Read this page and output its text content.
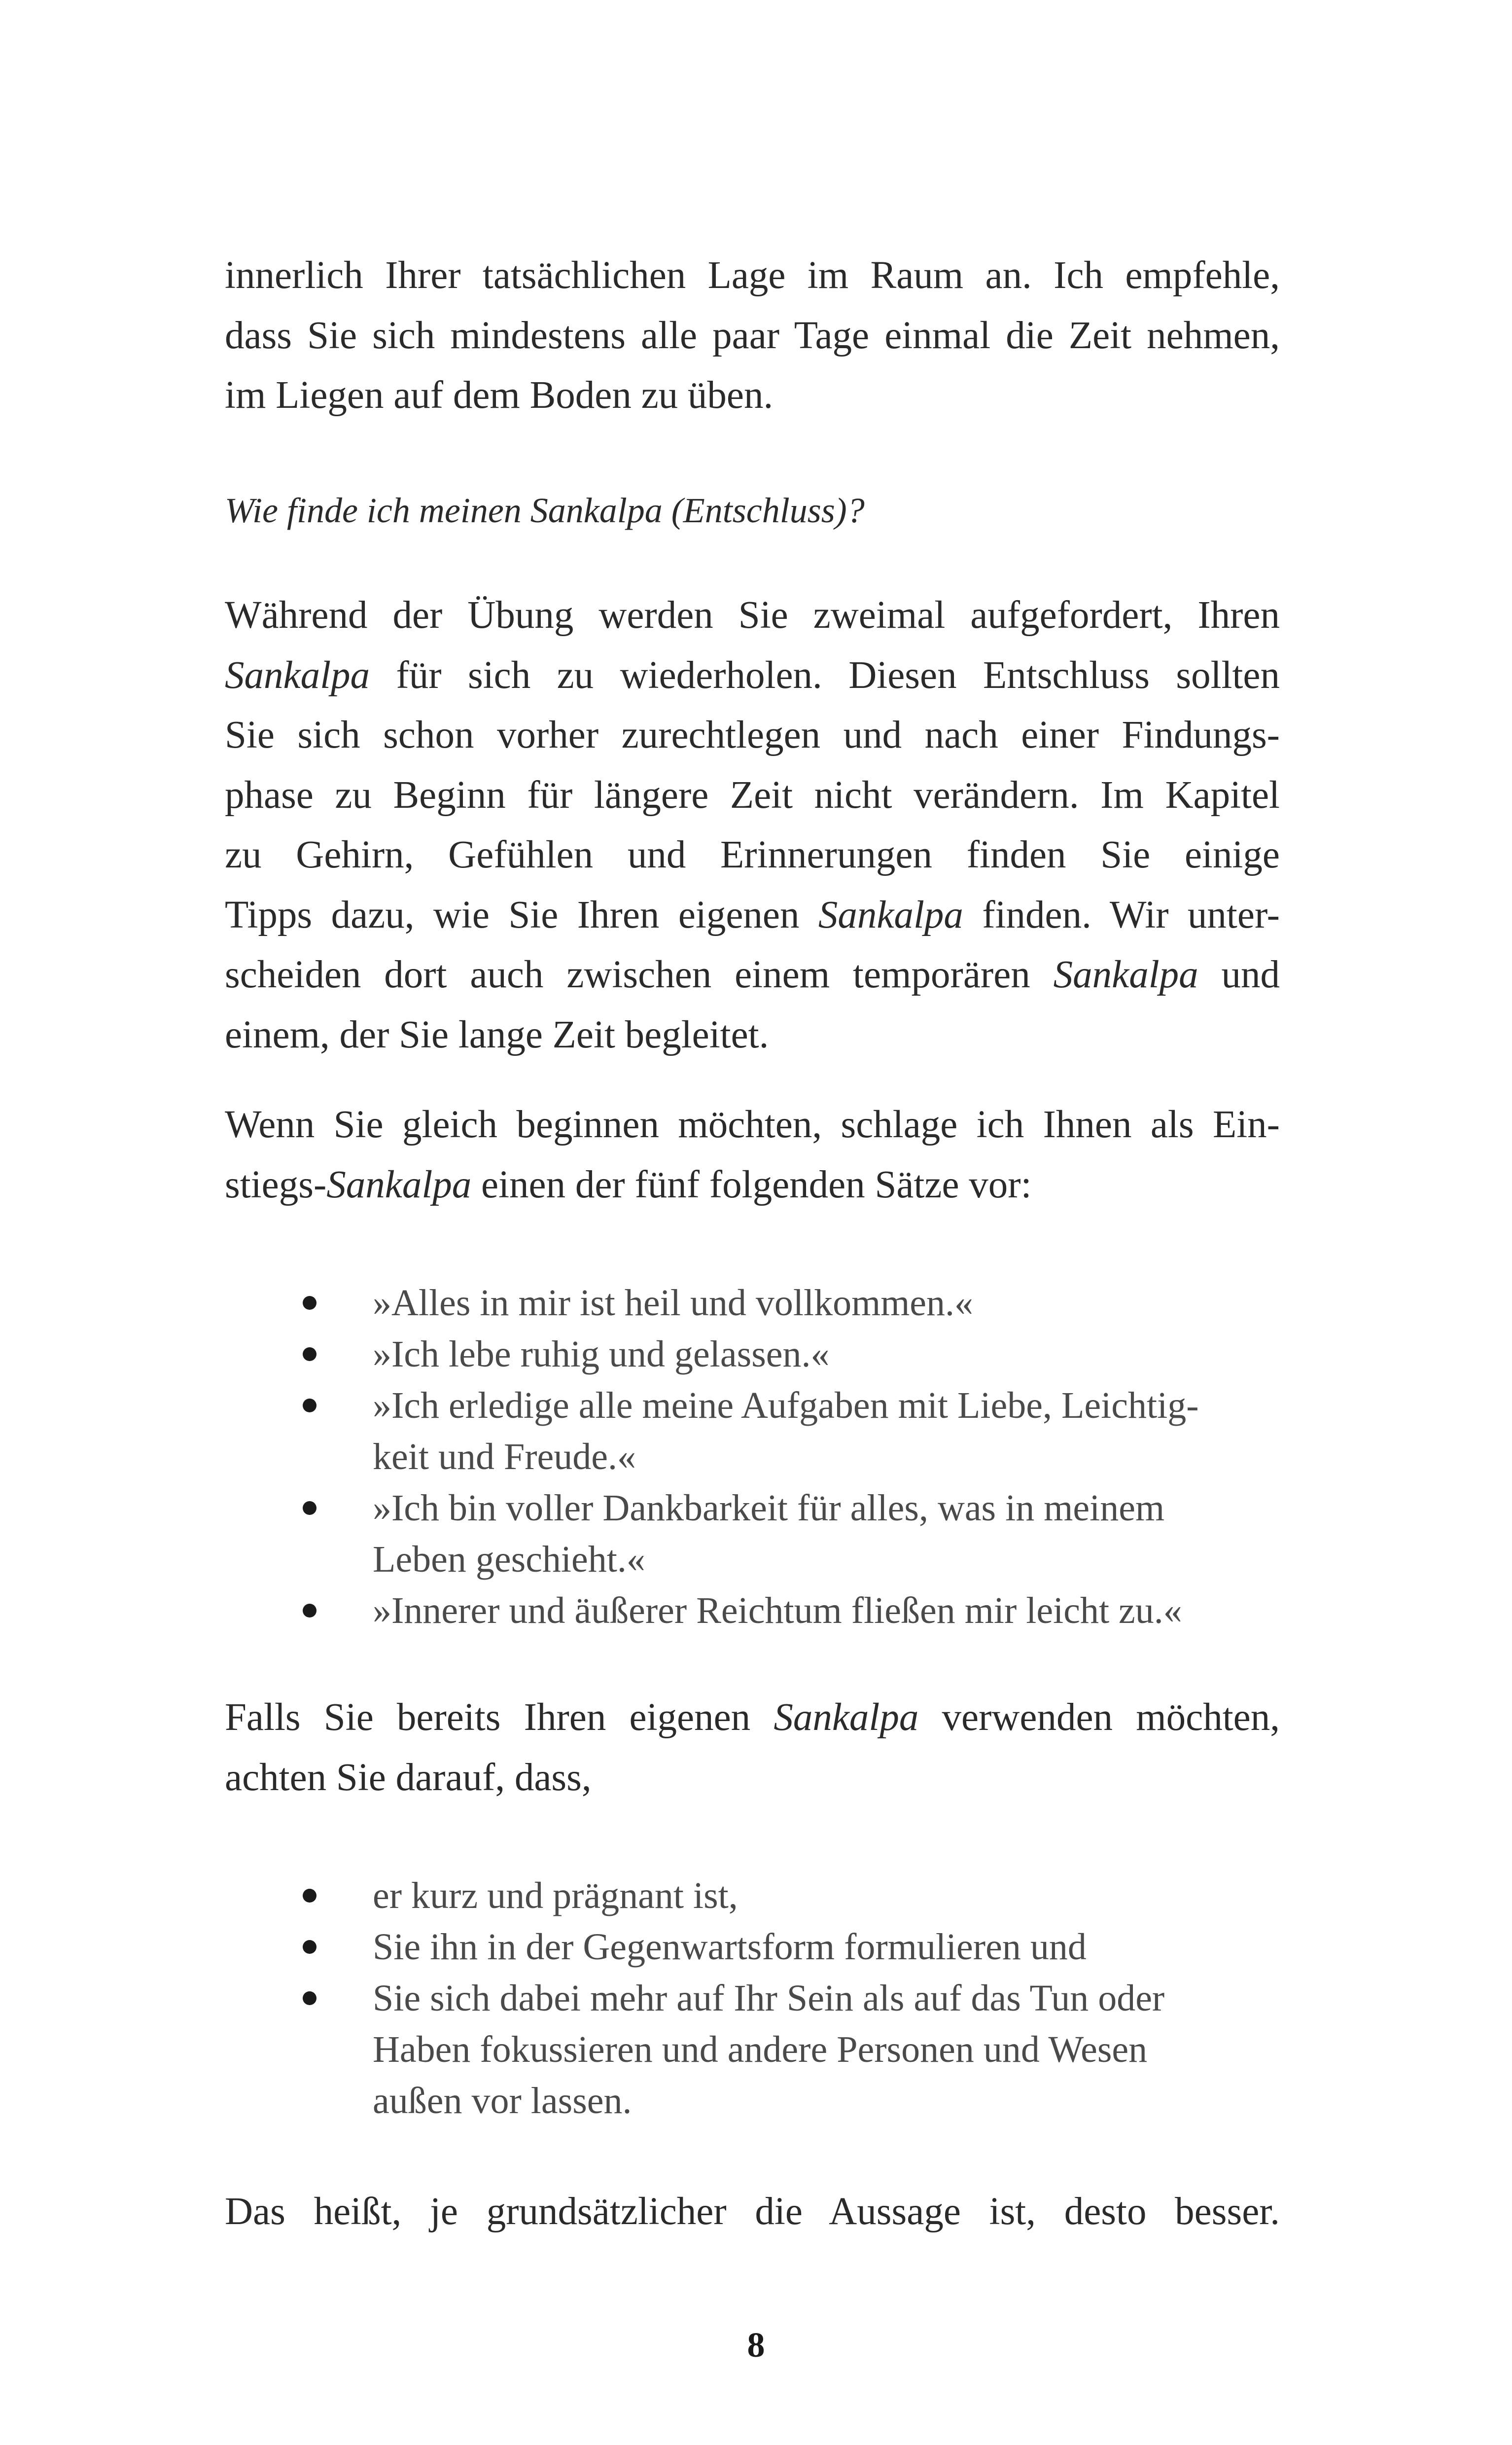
innerlich Ihrer tatsächlichen Lage im Raum an. Ich empfehle,
dass Sie sich mindestens alle paar Tage einmal die Zeit nehmen,
im Liegen auf dem Boden zu üben.

Wie finde ich meinen Sankalpa (Entschluss)?

Während der Übung werden Sie zweimal aufgefordert, Ihren
Sankalpa für sich zu wiederholen. Diesen Entschluss sollten
Sie sich schon vorher zurechtlegen und nach einer Findungs-
phase zu Beginn für längere Zeit nicht verändern. Im Kapitel
zu Gehirn, Gefühlen und Erinnerungen finden Sie einige
Tipps dazu, wie Sie Ihren eigenen Sankalpa finden. Wir unter-
scheiden dort auch zwischen einem temporären Sankalpa und
einem, der Sie lange Zeit begleitet.

Wenn Sie gleich beginnen möchten, schlage ich Ihnen als Ein-
stiegs-Sankalpa einen der fünf folgenden Sätze vor:

»Alles in mir ist heil und vollkommen.«
»Ich lebe ruhig und gelassen.«
»Ich erledige alle meine Aufgaben mit Liebe, Leichtig-
keit und Freude.«
»Ich bin voller Dankbarkeit für alles, was in meinem
Leben geschieht.«
»Innerer und äußerer Reichtum fließen mir leicht zu.«

Falls Sie bereits Ihren eigenen Sankalpa verwenden möchten,
achten Sie darauf, dass,

er kurz und prägnant ist,
Sie ihn in der Gegenwartsform formulieren und
Sie sich dabei mehr auf Ihr Sein als auf das Tun oder
Haben fokussieren und andere Personen und Wesen
außen vor lassen.

Das heißt, je grundsätzlicher die Aussage ist, desto besser.

8
